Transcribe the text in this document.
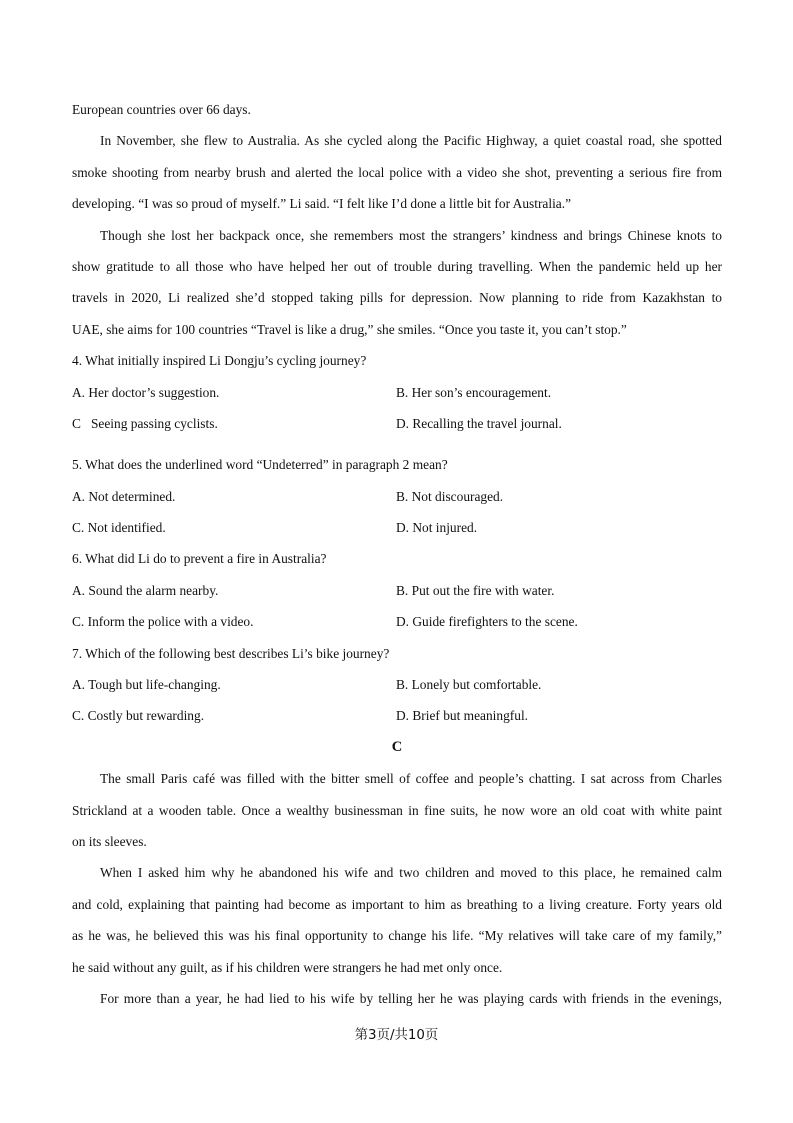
European countries over 66 days.
In November, she flew to Australia. As she cycled along the Pacific Highway, a quiet coastal road, she spotted
smoke shooting from nearby brush and alerted the local police with a video she shot, preventing a serious fire from
developing. “I was so proud of myself.” Li said. “I felt like I’d done a little bit for Australia.”
Though she lost her backpack once, she remembers most the strangers’ kindness and brings Chinese knots to
show gratitude to all those who have helped her out of trouble during travelling. When the pandemic held up her
travels in 2020, Li realized she’d stopped taking pills for depression. Now planning to ride from Kazakhstan to
UAE, she aims for 100 countries “Travel is like a drug,” she smiles. “Once you taste it, you can’t stop.”
4. What initially inspired Li Dongju’s cycling journey?
A. Her doctor’s suggestion.	B. Her son’s encouragement.
C   Seeing passing cyclists.	D. Recalling the travel journal.
5. What does the underlined word “Undeterred” in paragraph 2 mean?
A. Not determined.	B. Not discouraged.
C. Not identified.	D. Not injured.
6. What did Li do to prevent a fire in Australia?
A. Sound the alarm nearby.	B. Put out the fire with water.
C. Inform the police with a video.	D. Guide firefighters to the scene.
7. Which of the following best describes Li’s bike journey?
A. Tough but life-changing.	B. Lonely but comfortable.
C. Costly but rewarding.	D. Brief but meaningful.
C
The small Paris café was filled with the bitter smell of coffee and people’s chatting. I sat across from Charles
Strickland at a wooden table. Once a wealthy businessman in fine suits, he now wore an old coat with white paint
on its sleeves.
When I asked him why he abandoned his wife and two children and moved to this place, he remained calm
and cold, explaining that painting had become as important to him as breathing to a living creature. Forty years old
as he was, he believed this was his final opportunity to change his life. “My relatives will take care of my family,”
he said without any guilt, as if his children were strangers he had met only once.
For more than a year, he had lied to his wife by telling her he was playing cards with friends in the evenings,
第3页/共10页
